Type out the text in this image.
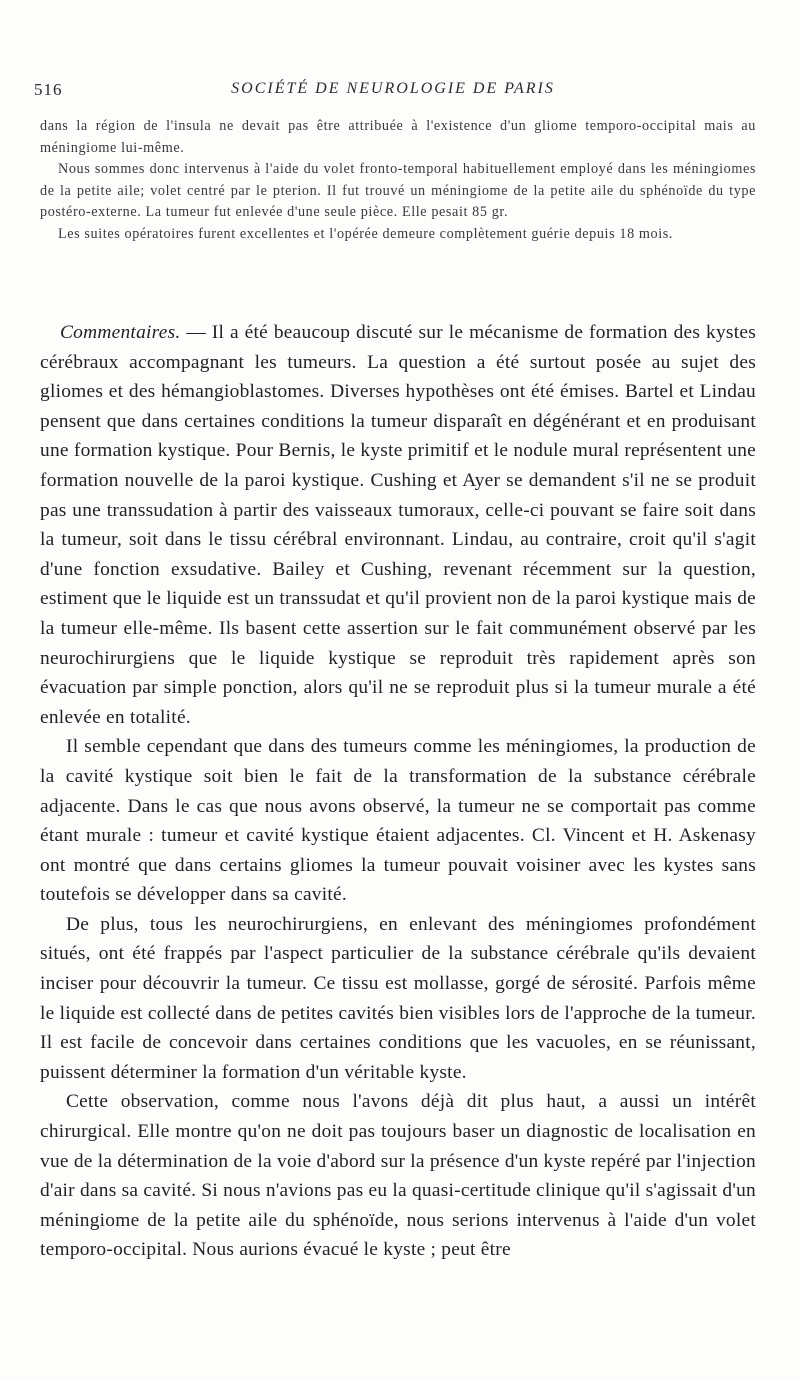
516	SOCIÉTÉ DE NEUROLOGIE DE PARIS

dans la région de l'insula ne devait pas être attribuée à l'existence d'un gliome temporo-occipital mais au méningiome lui-même.

Nous sommes donc intervenus à l'aide du volet fronto-temporal habituellement employé dans les méningiomes de la petite aile; volet centré par le pterion. Il fut trouvé un méningiome de la petite aile du sphénoïde du type postéro-externe. La tumeur fut enlevée d'une seule pièce. Elle pesait 85 gr.

Les suites opératoires furent excellentes et l'opérée demeure complètement guérie depuis 18 mois.

Commentaires. — Il a été beaucoup discuté sur le mécanisme de formation des kystes cérébraux accompagnant les tumeurs. La question a été surtout posée au sujet des gliomes et des hémangioblastomes. Diverses hypothèses ont été émises. Bartel et Lindau pensent que dans certaines conditions la tumeur disparaît en dégénérant et en produisant une formation kystique. Pour Bernis, le kyste primitif et le nodule mural représentent une formation nouvelle de la paroi kystique. Cushing et Ayer se demandent s'il ne se produit pas une transsudation à partir des vaisseaux tumoraux, celle-ci pouvant se faire soit dans la tumeur, soit dans le tissu cérébral environnant. Lindau, au contraire, croit qu'il s'agit d'une fonction exsudative. Bailey et Cushing, revenant récemment sur la question, estiment que le liquide est un transsudat et qu'il provient non de la paroi kystique mais de la tumeur elle-même. Ils basent cette assertion sur le fait communément observé par les neurochirurgiens que le liquide kystique se reproduit très rapidement après son évacuation par simple ponction, alors qu'il ne se reproduit plus si la tumeur murale a été enlevée en totalité.

Il semble cependant que dans des tumeurs comme les méningiomes, la production de la cavité kystique soit bien le fait de la transformation de la substance cérébrale adjacente. Dans le cas que nous avons observé, la tumeur ne se comportait pas comme étant murale : tumeur et cavité kystique étaient adjacentes. Cl. Vincent et H. Askenasy ont montré que dans certains gliomes la tumeur pouvait voisiner avec les kystes sans toutefois se développer dans sa cavité.

De plus, tous les neurochirurgiens, en enlevant des méningiomes profondément situés, ont été frappés par l'aspect particulier de la substance cérébrale qu'ils devaient inciser pour découvrir la tumeur. Ce tissu est mollasse, gorgé de sérosité. Parfois même le liquide est collecté dans de petites cavités bien visibles lors de l'approche de la tumeur. Il est facile de concevoir dans certaines conditions que les vacuoles, en se réunissant, puissent déterminer la formation d'un véritable kyste.

Cette observation, comme nous l'avons déjà dit plus haut, a aussi un intérêt chirurgical. Elle montre qu'on ne doit pas toujours baser un diagnostic de localisation en vue de la détermination de la voie d'abord sur la présence d'un kyste repéré par l'injection d'air dans sa cavité. Si nous n'avions pas eu la quasi-certitude clinique qu'il s'agissait d'un méningiome de la petite aile du sphénoïde, nous serions intervenus à l'aide d'un volet temporo-occipital. Nous aurions évacué le kyste ; peut être
